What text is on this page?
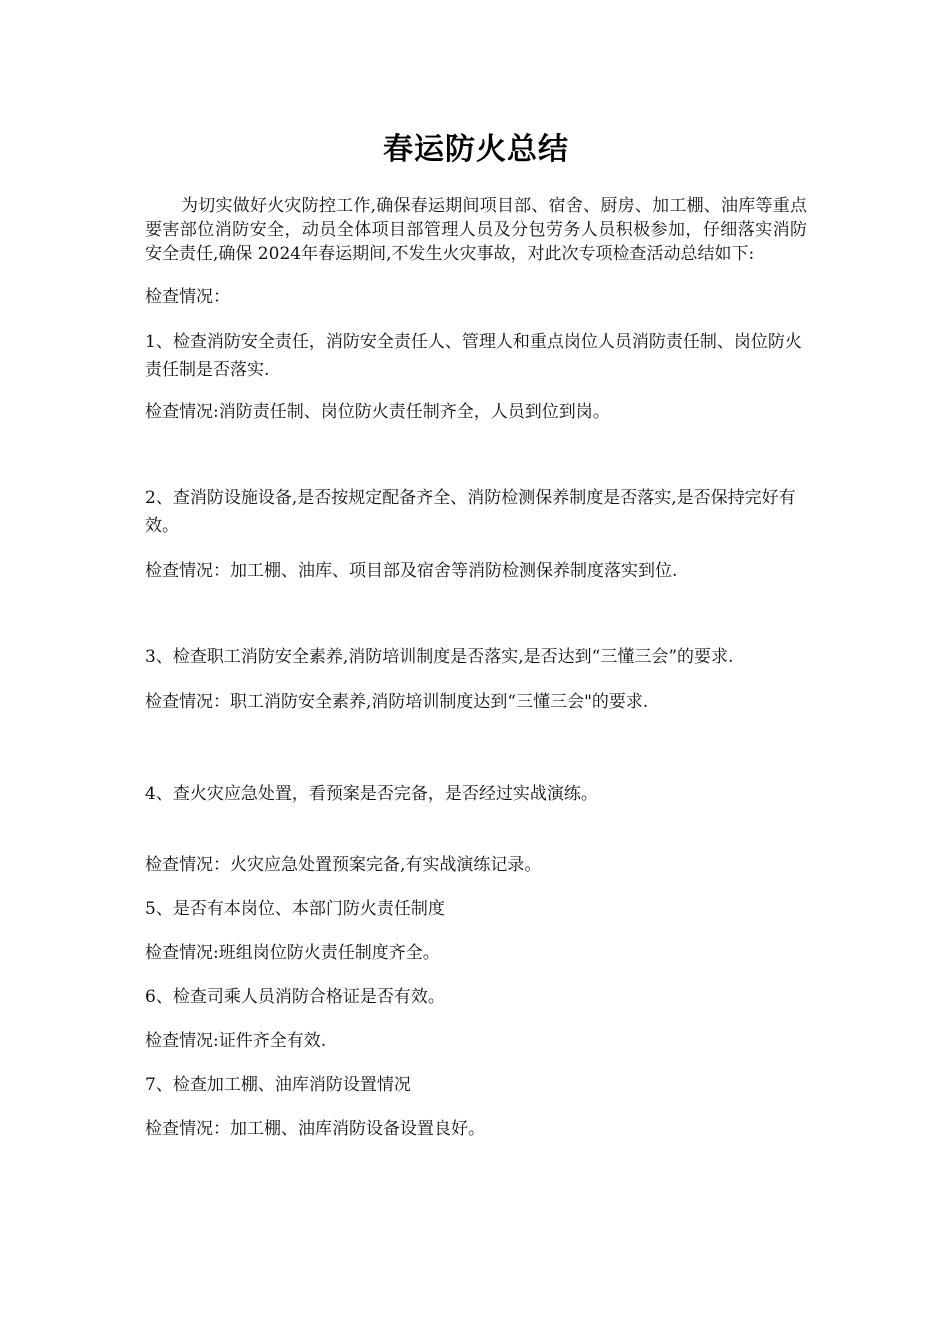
春运防火总结

为切实做好火灾防控工作,确保春运期间项目部、宿舍、厨房、加工棚、油库等重点要害部位消防安全，动员全体项目部管理人员及分包劳务人员积极参加，仔细落实消防安全责任,确保 2024年春运期间,不发生火灾事故，对此次专项检查活动总结如下:

检查情况：

1、检查消防安全责任，消防安全责任人、管理人和重点岗位人员消防责任制、岗位防火责任制是否落实.

检查情况:消防责任制、岗位防火责任制齐全，人员到位到岗。

2、查消防设施设备,是否按规定配备齐全、消防检测保养制度是否落实,是否保持完好有效。

检查情况：加工棚、油库、项目部及宿舍等消防检测保养制度落实到位.

3、检查职工消防安全素养,消防培训制度是否落实,是否达到“三懂三会”的要求.

检查情况：职工消防安全素养,消防培训制度达到“三懂三会"的要求.

4、查火灾应急处置，看预案是否完备，是否经过实战演练。

检查情况：火灾应急处置预案完备,有实战演练记录。

5、是否有本岗位、本部门防火责任制度

检查情况:班组岗位防火责任制度齐全。

6、检查司乘人员消防合格证是否有效。

检查情况:证件齐全有效.

7、检查加工棚、油库消防设置情况

检查情况：加工棚、油库消防设备设置良好。
